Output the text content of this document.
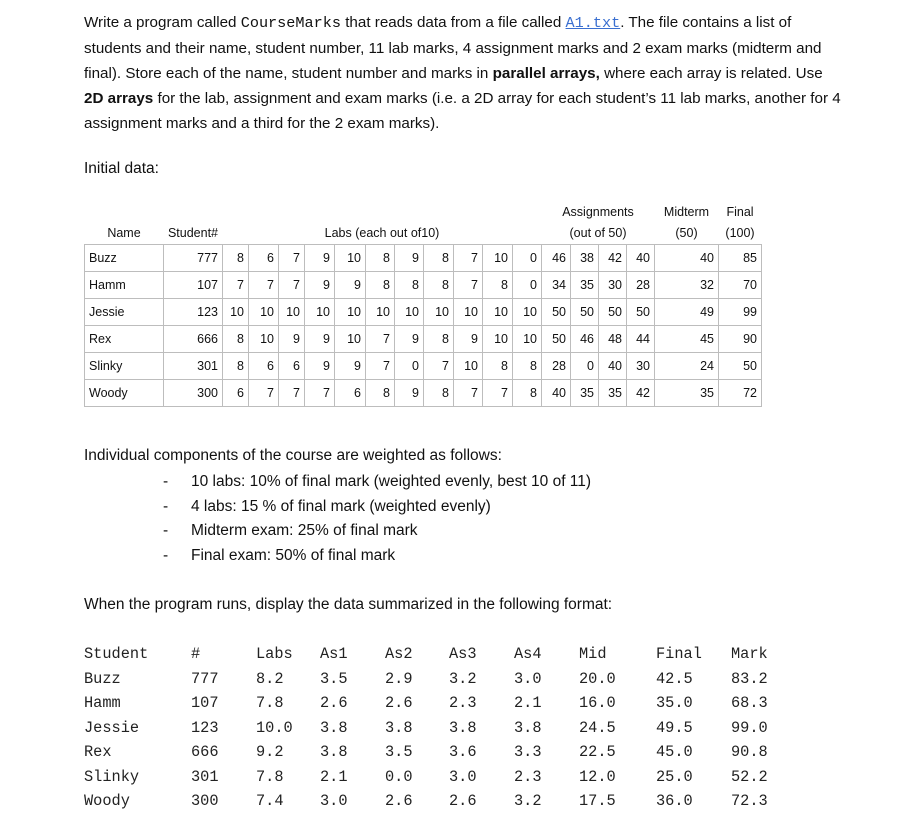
Write a program called CourseMarks that reads data from a file called A1.txt. The file contains a list of students and their name, student number, 11 lab marks, 4 assignment marks and 2 exam marks (midterm and final). Store each of the name, student number and marks in parallel arrays, where each array is related. Use 2D arrays for the lab, assignment and exam marks (i.e. a 2D array for each student’s 11 lab marks, another for 4 assignment marks and a third for the 2 exam marks).
Initial data:
													Assignments				Midterm	Final
Name	Student#	Labs (each out of10)											(out of 50)				(50)	(100)
Buzz	777	8	6	7	9	10	8	9	8	7	10	0	46	38	42	40	40	85
Hamm	107	7	7	7	9	9	8	8	8	7	8	0	34	35	30	28	32	70
Jessie	123	10	10	10	10	10	10	10	10	10	10	10	50	50	50	50	49	99
Rex	666	8	10	9	9	10	7	9	8	9	10	10	50	46	48	44	45	90
Slinky	301	8	6	6	9	9	7	0	7	10	8	8	28	0	40	30	24	50
Woody	300	6	7	7	7	6	8	9	8	7	7	8	40	35	35	42	35	72
Individual components of the course are weighted as follows:
-	10 labs: 10% of final mark (weighted evenly, best 10 of 11)
-	4 labs: 15 % of final mark (weighted evenly)
-	Midterm exam: 25% of final mark
-	Final exam: 50% of final mark
When the program runs, display the data summarized in the following format:
Student	#	Labs As1 As2 As3 As4 Mid	Final Mark
Buzz	777 8.2 3.5 2.9 3.2 3.0 20.0	42.5	83.2
Hamm	107 7.8 2.6 2.6 2.3 2.1 16.0	35.0	68.3
Jessie	123 10.0 3.8 3.8 3.8 3.8 24.5	49.5	99.0
Rex	666 9.2 3.8 3.5 3.6 3.3 22.5	45.0	90.8
Slinky	301 7.8 2.1 0.0 3.0 2.3 12.0	25.0	52.2
Woody	300 7.4 3.0 2.6 2.6 3.2 17.5	36.0	72.3
